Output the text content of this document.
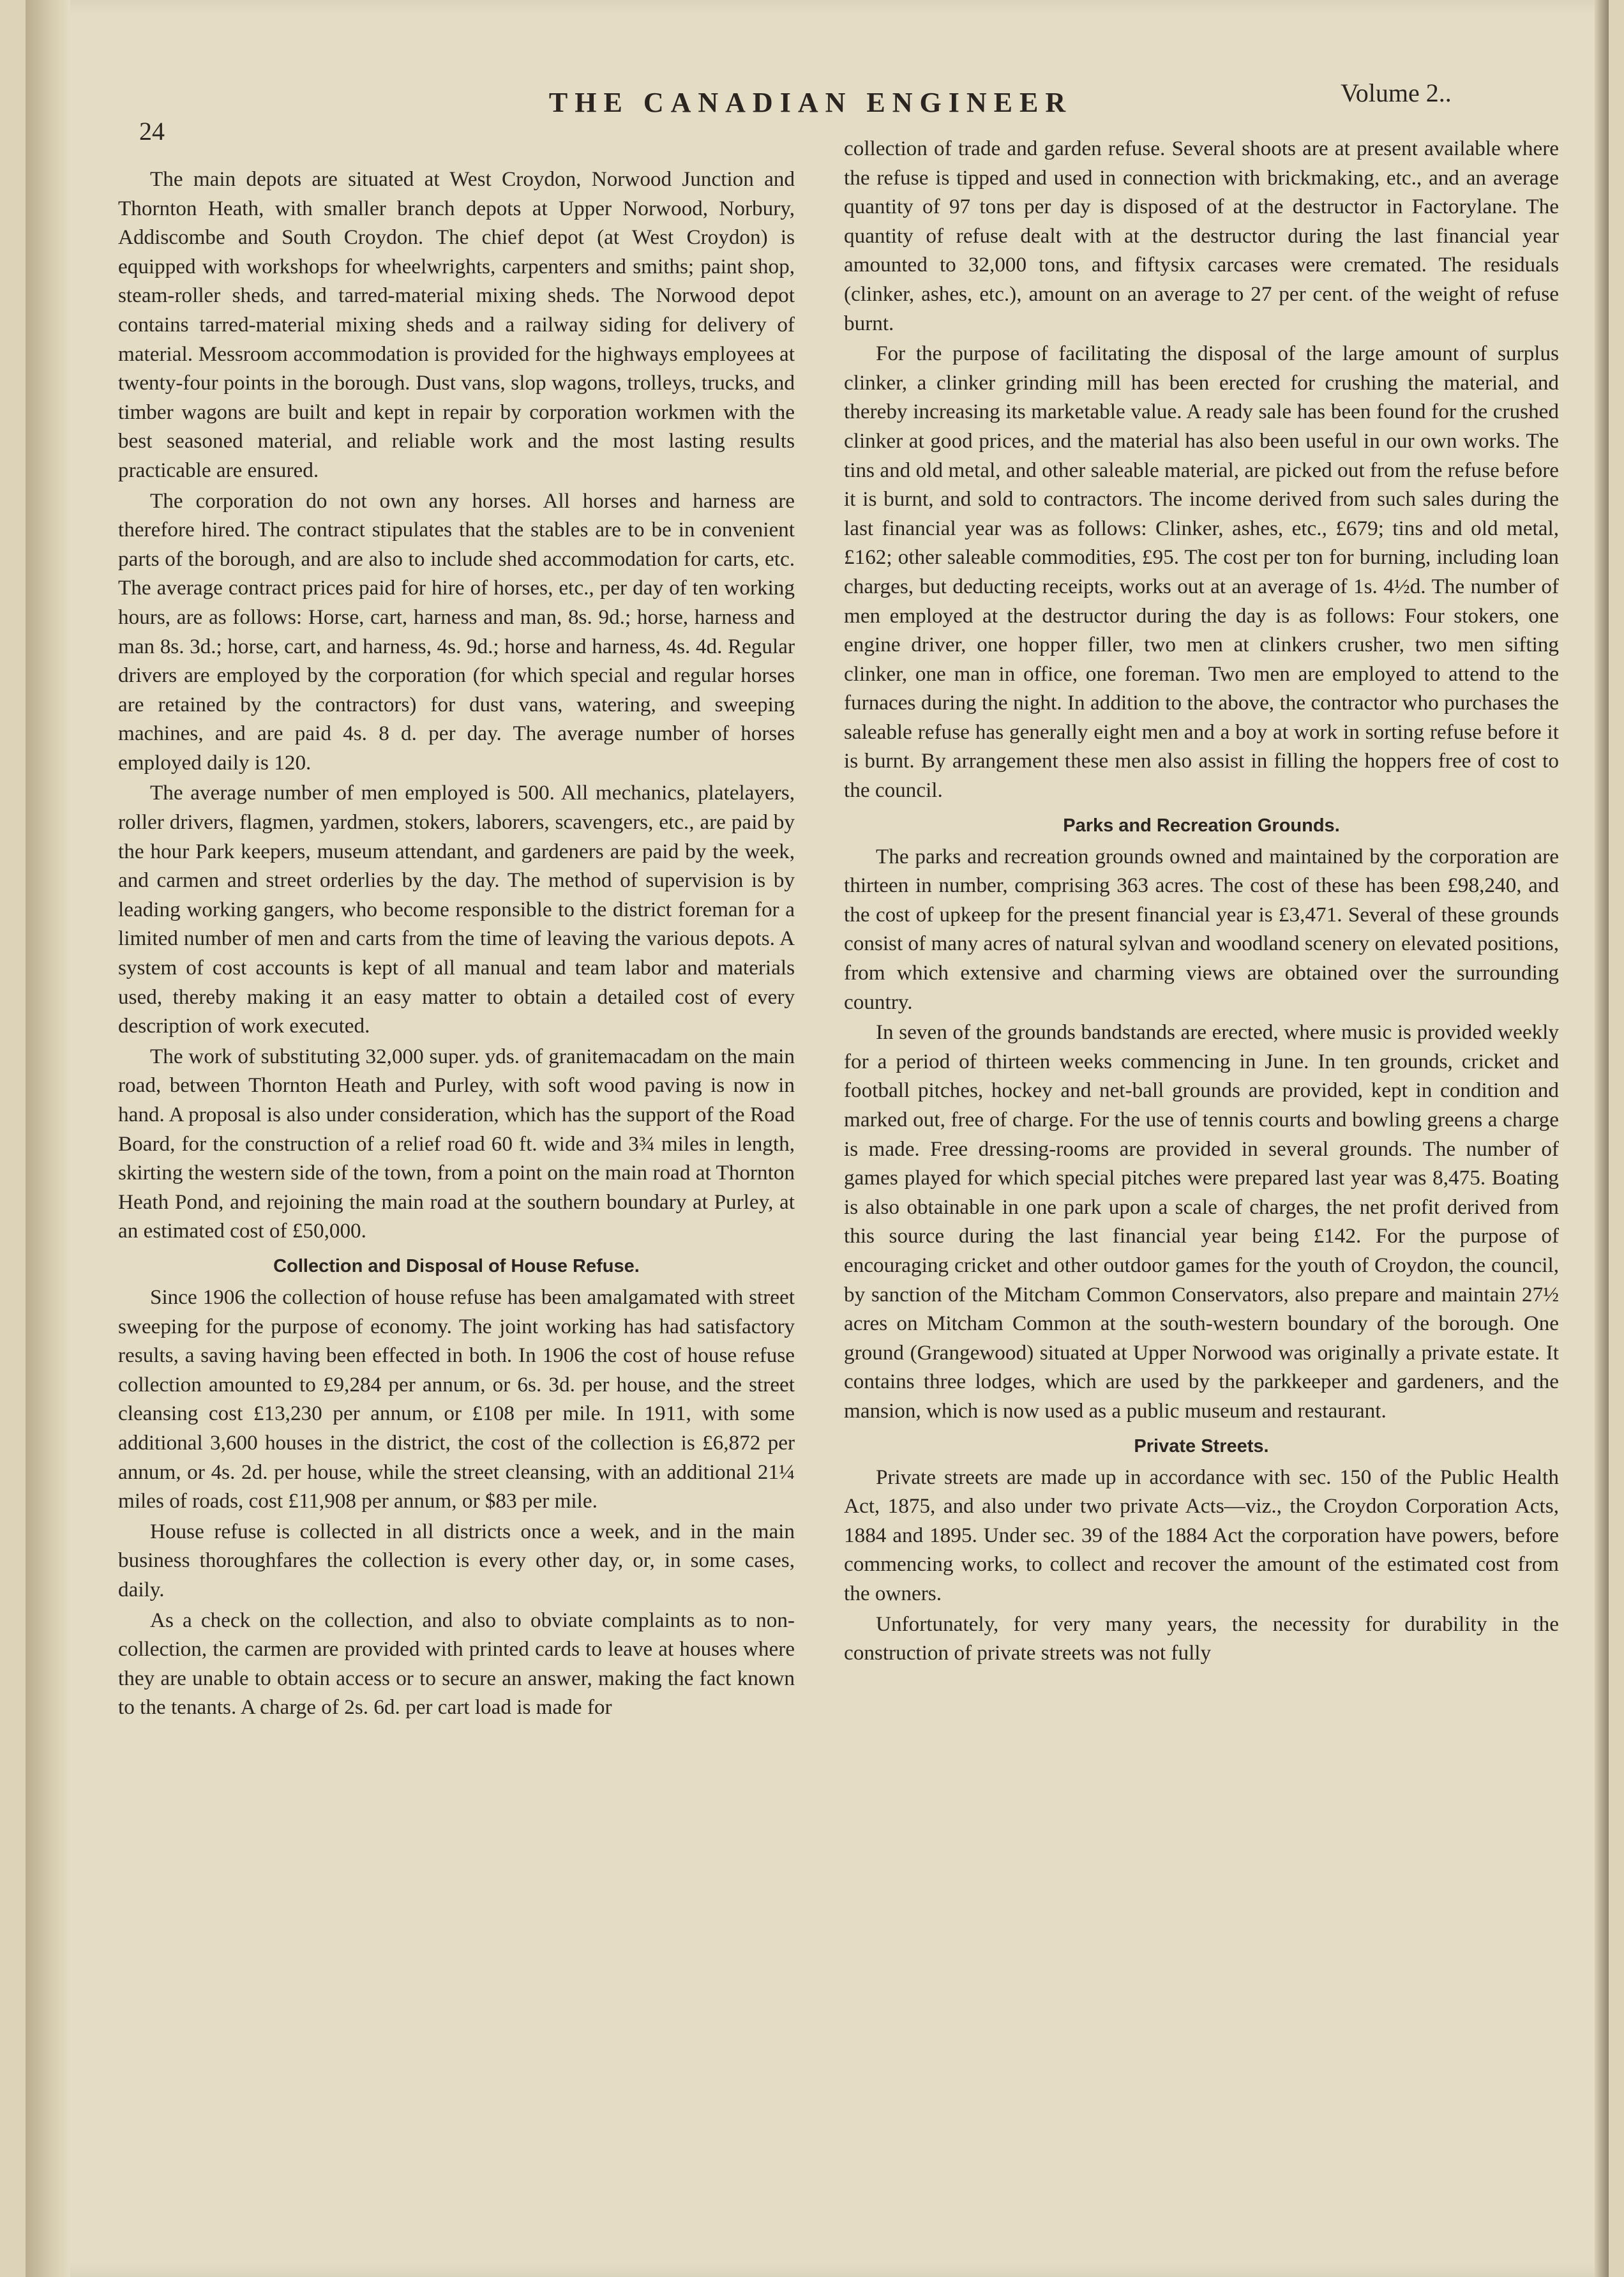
24

THE CANADIAN ENGINEER	Volume 2..

The main depots are situated at West Croydon, Norwood Junction and Thornton Heath, with smaller branch depots at Upper Norwood, Norbury, Addiscombe and South Croydon. The chief depot (at West Croydon) is equipped with workshops for wheelwrights, carpenters and smiths; paint shop, steam-roller sheds, and tarred-material mixing sheds. The Norwood depot contains tarred-material mixing sheds and a railway siding for delivery of material. Messroom accommodation is provided for the highways employees at twenty-four points in the borough. Dust vans, slop wagons, trolleys, trucks, and timber wagons are built and kept in repair by corporation workmen with the best seasoned material, and reliable work and the most lasting results practicable are ensured.

The corporation do not own any horses. All horses and harness are therefore hired. The contract stipulates that the stables are to be in convenient parts of the borough, and are also to include shed accommodation for carts, etc. The average contract prices paid for hire of horses, etc., per day of ten working hours, are as follows: Horse, cart, harness and man, 8s. 9d.; horse, harness and man 8s. 3d.; horse, cart, and harness, 4s. 9d.; horse and harness, 4s. 4d. Regular drivers are employed by the corporation (for which special and regular horses are retained by the contractors) for dust vans, watering, and sweeping machines, and are paid 4s. 8 d. per day. The average number of horses employed daily is 120.

The average number of men employed is 500. All mechanics, platelayers, roller drivers, flagmen, yardmen, stokers, laborers, scavengers, etc., are paid by the hour Park keepers, museum attendant, and gardeners are paid by the week, and carmen and street orderlies by the day. The method of supervision is by leading working gangers, who become responsible to the district foreman for a limited number of men and carts from the time of leaving the various depots. A system of cost accounts is kept of all manual and team labor and materials used, thereby making it an easy matter to obtain a detailed cost of every description of work executed.

The work of substituting 32,000 super. yds. of granitemacadam on the main road, between Thornton Heath and Purley, with soft wood paving is now in hand. A proposal is also under consideration, which has the support of the Road Board, for the construction of a relief road 60 ft. wide and 3¾ miles in length, skirting the western side of the town, from a point on the main road at Thornton Heath Pond, and rejoining the main road at the southern boundary at Purley, at an estimated cost of £50,000.

Collection and Disposal of House Refuse.

Since 1906 the collection of house refuse has been amalgamated with street sweeping for the purpose of economy. The joint working has had satisfactory results, a saving having been effected in both. In 1906 the cost of house refuse collection amounted to £9,284 per annum, or 6s. 3d. per house, and the street cleansing cost £13,230 per annum, or £108 per mile. In 1911, with some additional 3,600 houses in the district, the cost of the collection is £6,872 per annum, or 4s. 2d. per house, while the street cleansing, with an additional 21¼ miles of roads, cost £11,908 per annum, or $83 per mile.

House refuse is collected in all districts once a week, and in the main business thoroughfares the collection is every other day, or, in some cases, daily.

As a check on the collection, and also to obviate complaints as to non-collection, the carmen are provided with printed cards to leave at houses where they are unable to obtain access or to secure an answer, making the fact known to the tenants. A charge of 2s. 6d. per cart load is made for

collection of trade and garden refuse. Several shoots are at present available where the refuse is tipped and used in connection with brickmaking, etc., and an average quantity of 97 tons per day is disposed of at the destructor in Factorylane. The quantity of refuse dealt with at the destructor during the last financial year amounted to 32,000 tons, and fiftysix carcases were cremated. The residuals (clinker, ashes, etc.), amount on an average to 27 per cent. of the weight of refuse burnt.

For the purpose of facilitating the disposal of the large amount of surplus clinker, a clinker grinding mill has been erected for crushing the material, and thereby increasing its marketable value. A ready sale has been found for the crushed clinker at good prices, and the material has also been useful in our own works. The tins and old metal, and other saleable material, are picked out from the refuse before it is burnt, and sold to contractors. The income derived from such sales during the last financial year was as follows: Clinker, ashes, etc., £679; tins and old metal, £162; other saleable commodities, £95. The cost per ton for burning, including loan charges, but deducting receipts, works out at an average of 1s. 4½d. The number of men employed at the destructor during the day is as follows: Four stokers, one engine driver, one hopper filler, two men at clinkers crusher, two men sifting clinker, one man in office, one foreman. Two men are employed to attend to the furnaces during the night. In addition to the above, the contractor who purchases the saleable refuse has generally eight men and a boy at work in sorting refuse before it is burnt. By arrangement these men also assist in filling the hoppers free of cost to the council.

Parks and Recreation Grounds.

The parks and recreation grounds owned and maintained by the corporation are thirteen in number, comprising 363 acres. The cost of these has been £98,240, and the cost of upkeep for the present financial year is £3,471. Several of these grounds consist of many acres of natural sylvan and woodland scenery on elevated positions, from which extensive and charming views are obtained over the surrounding country.

In seven of the grounds bandstands are erected, where music is provided weekly for a period of thirteen weeks commencing in June. In ten grounds, cricket and football pitches, hockey and net-ball grounds are provided, kept in condition and marked out, free of charge. For the use of tennis courts and bowling greens a charge is made. Free dressing-rooms are provided in several grounds. The number of games played for which special pitches were prepared last year was 8,475. Boating is also obtainable in one park upon a scale of charges, the net profit derived from this source during the last financial year being £142. For the purpose of encouraging cricket and other outdoor games for the youth of Croydon, the council, by sanction of the Mitcham Common Conservators, also prepare and maintain 27½ acres on Mitcham Common at the south-western boundary of the borough. One ground (Grangewood) situated at Upper Norwood was originally a private estate. It contains three lodges, which are used by the parkkeeper and gardeners, and the mansion, which is now used as a public museum and restaurant.

Private Streets.

Private streets are made up in accordance with sec. 150 of the Public Health Act, 1875, and also under two private Acts—viz., the Croydon Corporation Acts, 1884 and 1895. Under sec. 39 of the 1884 Act the corporation have powers, before commencing works, to collect and recover the amount of the estimated cost from the owners.

Unfortunately, for very many years, the necessity for durability in the construction of private streets was not fully
